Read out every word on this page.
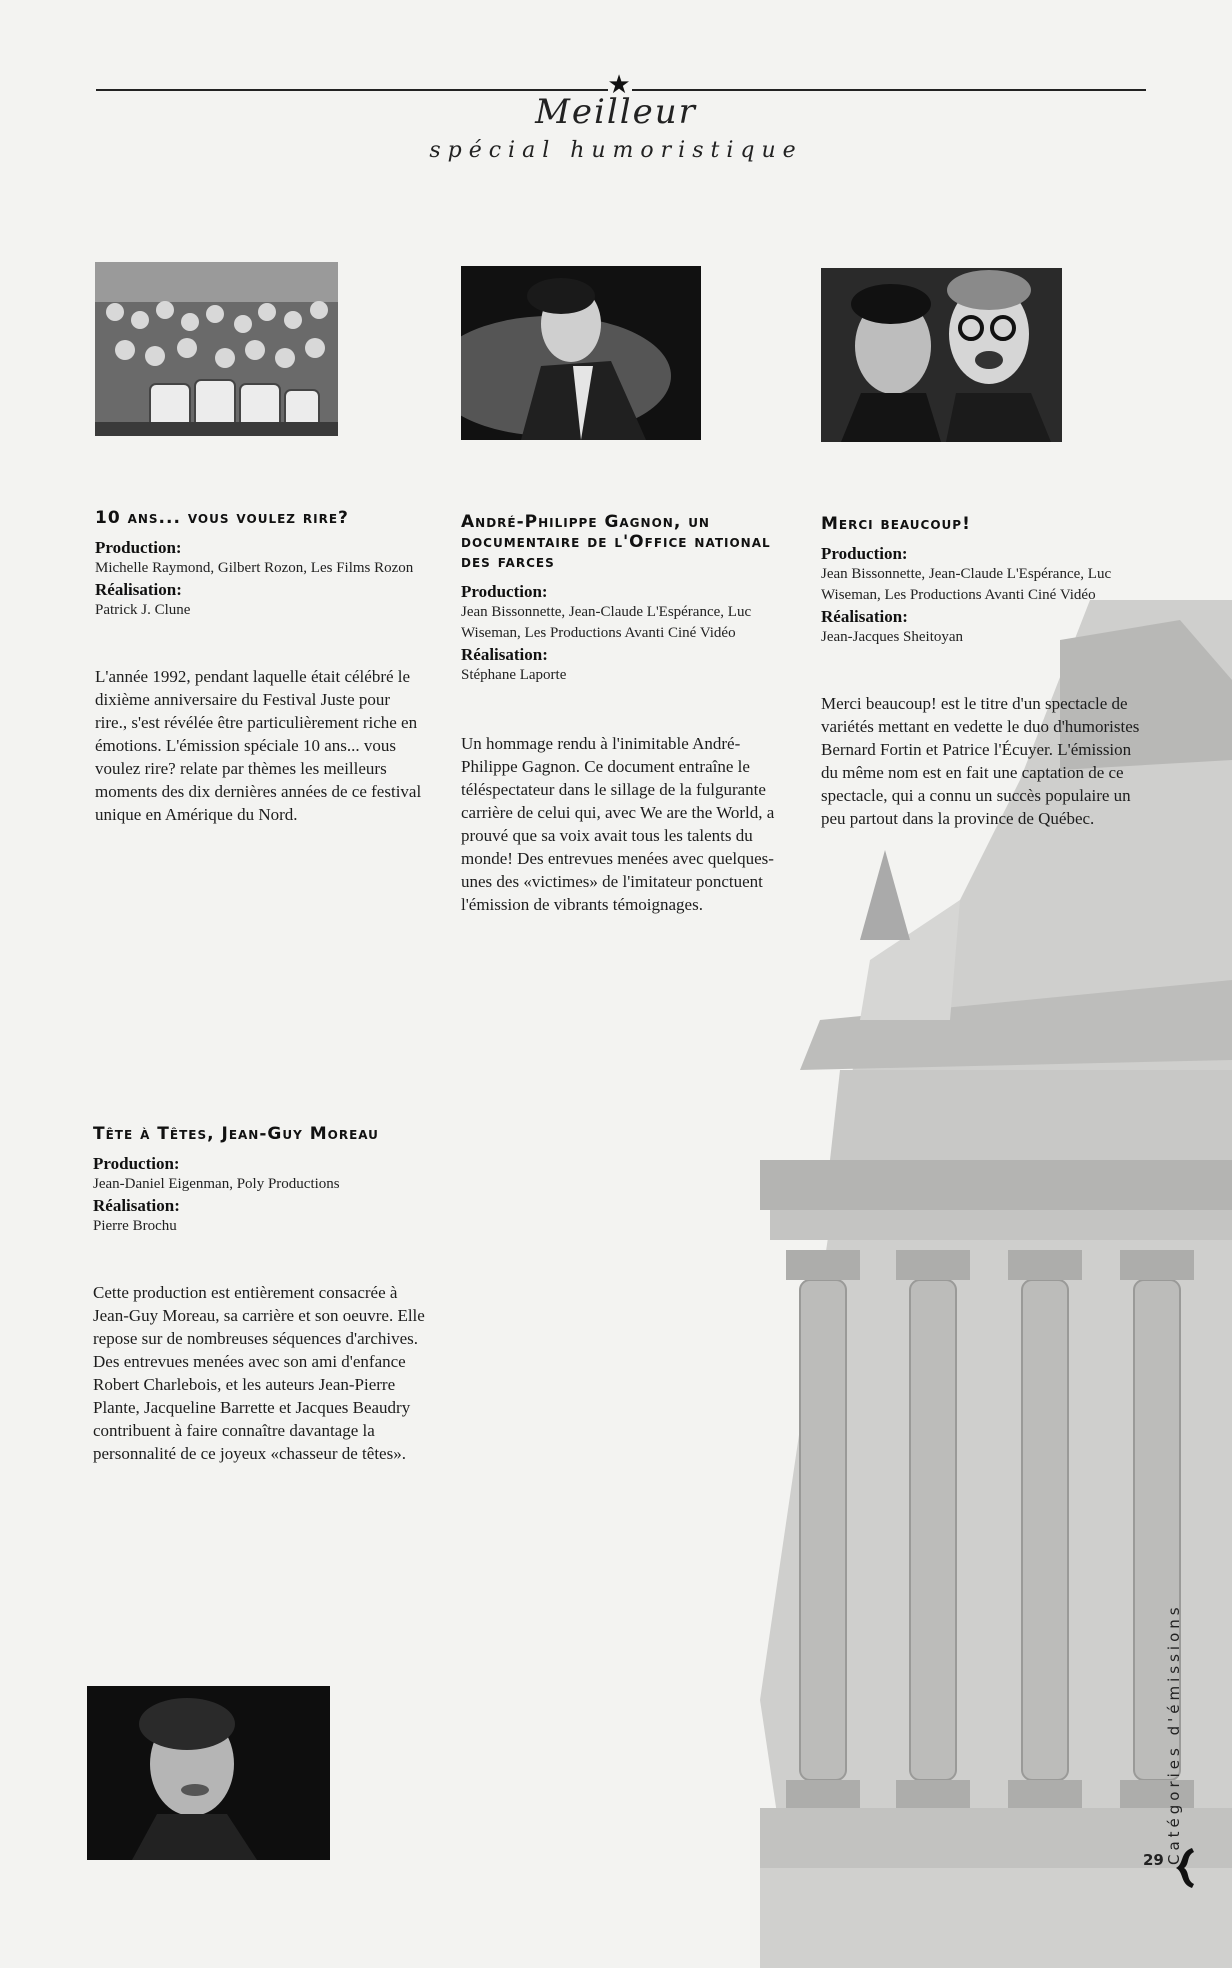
★
Meilleur
spécial humoristique
10 ans... vous voulez rire?
Production:
Michelle Raymond, Gilbert Rozon, Les Films Rozon
Réalisation:
Patrick J. Clune
L'année 1992, pendant laquelle était célébré le dixième anniversaire du Festival Juste pour rire., s'est révélée être particulièrement riche en émotions. L'émission spéciale 10 ans... vous voulez rire? relate par thèmes les meilleurs moments des dix dernières années de ce festival unique en Amérique du Nord.
André-Philippe Gagnon, un documentaire de l'Office national des farces
Production:
Jean Bissonnette, Jean-Claude L'Espérance, Luc Wiseman, Les Productions Avanti Ciné Vidéo
Réalisation:
Stéphane Laporte
Un hommage rendu à l'inimitable André-Philippe Gagnon. Ce document entraîne le téléspectateur dans le sillage de la fulgurante carrière de celui qui, avec We are the World, a prouvé que sa voix avait tous les talents du monde! Des entrevues menées avec quelques-unes des «victimes» de l'imitateur ponctuent l'émission de vibrants témoignages.
Merci beaucoup!
Production:
Jean Bissonnette, Jean-Claude L'Espérance, Luc Wiseman, Les Productions Avanti Ciné Vidéo
Réalisation:
Jean-Jacques Sheitoyan
Merci beaucoup! est le titre d'un spectacle de variétés mettant en vedette le duo d'humoristes Bernard Fortin et Patrice l'Écuyer. L'émission du même nom est en fait une captation de ce spectacle, qui a connu un succès populaire un peu partout dans la province de Québec.
Tête à Têtes, Jean-Guy Moreau
Production:
Jean-Daniel Eigenman, Poly Productions
Réalisation:
Pierre Brochu
Cette production est entièrement consacrée à Jean-Guy Moreau, sa carrière et son oeuvre. Elle repose sur de nombreuses séquences d'archives. Des entrevues menées avec son ami d'enfance Robert Charlebois, et les auteurs Jean-Pierre Plante, Jacqueline Barrette et Jacques Beaudry contribuent à faire connaître davantage la personnalité de ce joyeux «chasseur de têtes».
Catégories d'émissions
29
